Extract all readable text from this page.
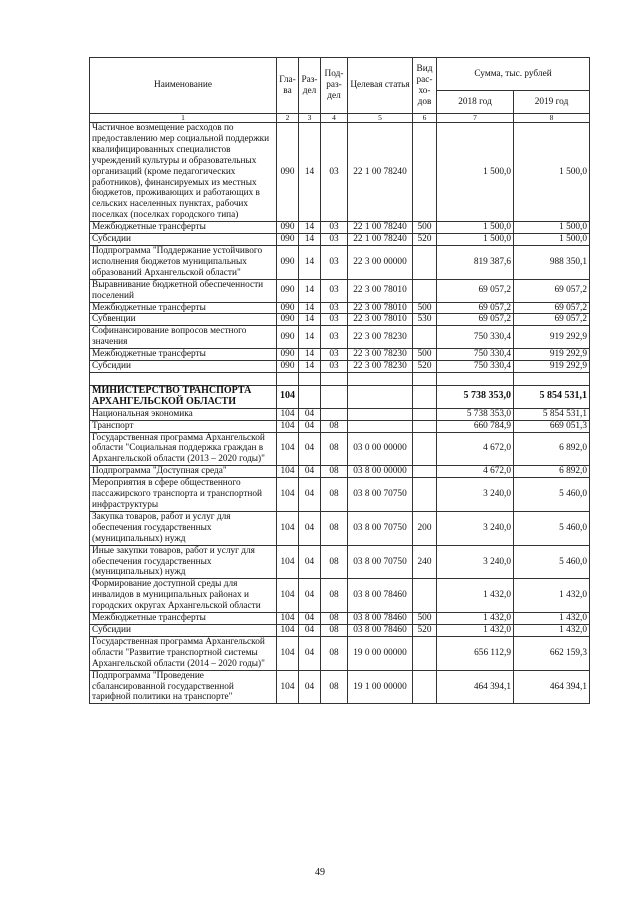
Наименование	Гла-ва	Раз-дел	Под-раз-дел	Целевая статья	Вид рас-хо-дов	Сумма, тыс. рублей	
						2018 год	2019 год
1	2	3	4	5	6	7	8
Частичное возмещение расходов по предоставлению мер социальной поддержки квалифицированных специалистов учреждений культуры и образовательных организаций (кроме педагогических работников), финансируемых из местных бюджетов, проживающих и работающих в сельских населенных пунктах, рабочих поселках (поселках городского типа)	090	14	03	22 1 00 78240		1 500,0	1 500,0
Межбюджетные трансферты	090	14	03	22 1 00 78240	500	1 500,0	1 500,0
Субсидии	090	14	03	22 1 00 78240	520	1 500,0	1 500,0
Подпрограмма "Поддержание устойчивого исполнения бюджетов муниципальных образований Архангельской области"	090	14	03	22 3 00 00000		819 387,6	988 350,1
Выравнивание бюджетной обеспеченности поселений	090	14	03	22 3 00 78010		69 057,2	69 057,2
Межбюджетные трансферты	090	14	03	22 3 00 78010	500	69 057,2	69 057,2
Субвенции	090	14	03	22 3 00 78010	530	69 057,2	69 057,2
Софинансирование вопросов местного значения	090	14	03	22 3 00 78230		750 330,4	919 292,9
Межбюджетные трансферты	090	14	03	22 3 00 78230	500	750 330,4	919 292,9
Субсидии	090	14	03	22 3 00 78230	520	750 330,4	919 292,9

МИНИСТЕРСТВО ТРАНСПОРТА АРХАНГЕЛЬСКОЙ ОБЛАСТИ	104					5 738 353,0	5 854 531,1
Национальная экономика	104	04				5 738 353,0	5 854 531,1
Транспорт	104	04	08			660 784,9	669 051,3
Государственная программа Архангельской области "Социальная поддержка граждан в Архангельской области (2013 – 2020 годы)"	104	04	08	03 0 00 00000		4 672,0	6 892,0
Подпрограмма "Доступная среда"	104	04	08	03 8 00 00000		4 672,0	6 892,0
Мероприятия в сфере общественного пассажирского транспорта и транспортной инфраструктуры	104	04	08	03 8 00 70750		3 240,0	5 460,0
Закупка товаров, работ и услуг для обеспечения государственных (муниципальных) нужд	104	04	08	03 8 00 70750	200	3 240,0	5 460,0
Иные закупки товаров, работ и услуг для обеспечения государственных (муниципальных) нужд	104	04	08	03 8 00 70750	240	3 240,0	5 460,0
Формирование доступной среды для инвалидов в муниципальных районах и городских округах Архангельской области	104	04	08	03 8 00 78460		1 432,0	1 432,0
Межбюджетные трансферты	104	04	08	03 8 00 78460	500	1 432,0	1 432,0
Субсидии	104	04	08	03 8 00 78460	520	1 432,0	1 432,0
Государственная программа Архангельской области "Развитие транспортной системы Архангельской области (2014 – 2020 годы)"	104	04	08	19 0 00 00000		656 112,9	662 159,3
Подпрограмма "Проведение сбалансированной государственной тарифной политики на транспорте"	104	04	08	19 1 00 00000		464 394,1	464 394,1
49
